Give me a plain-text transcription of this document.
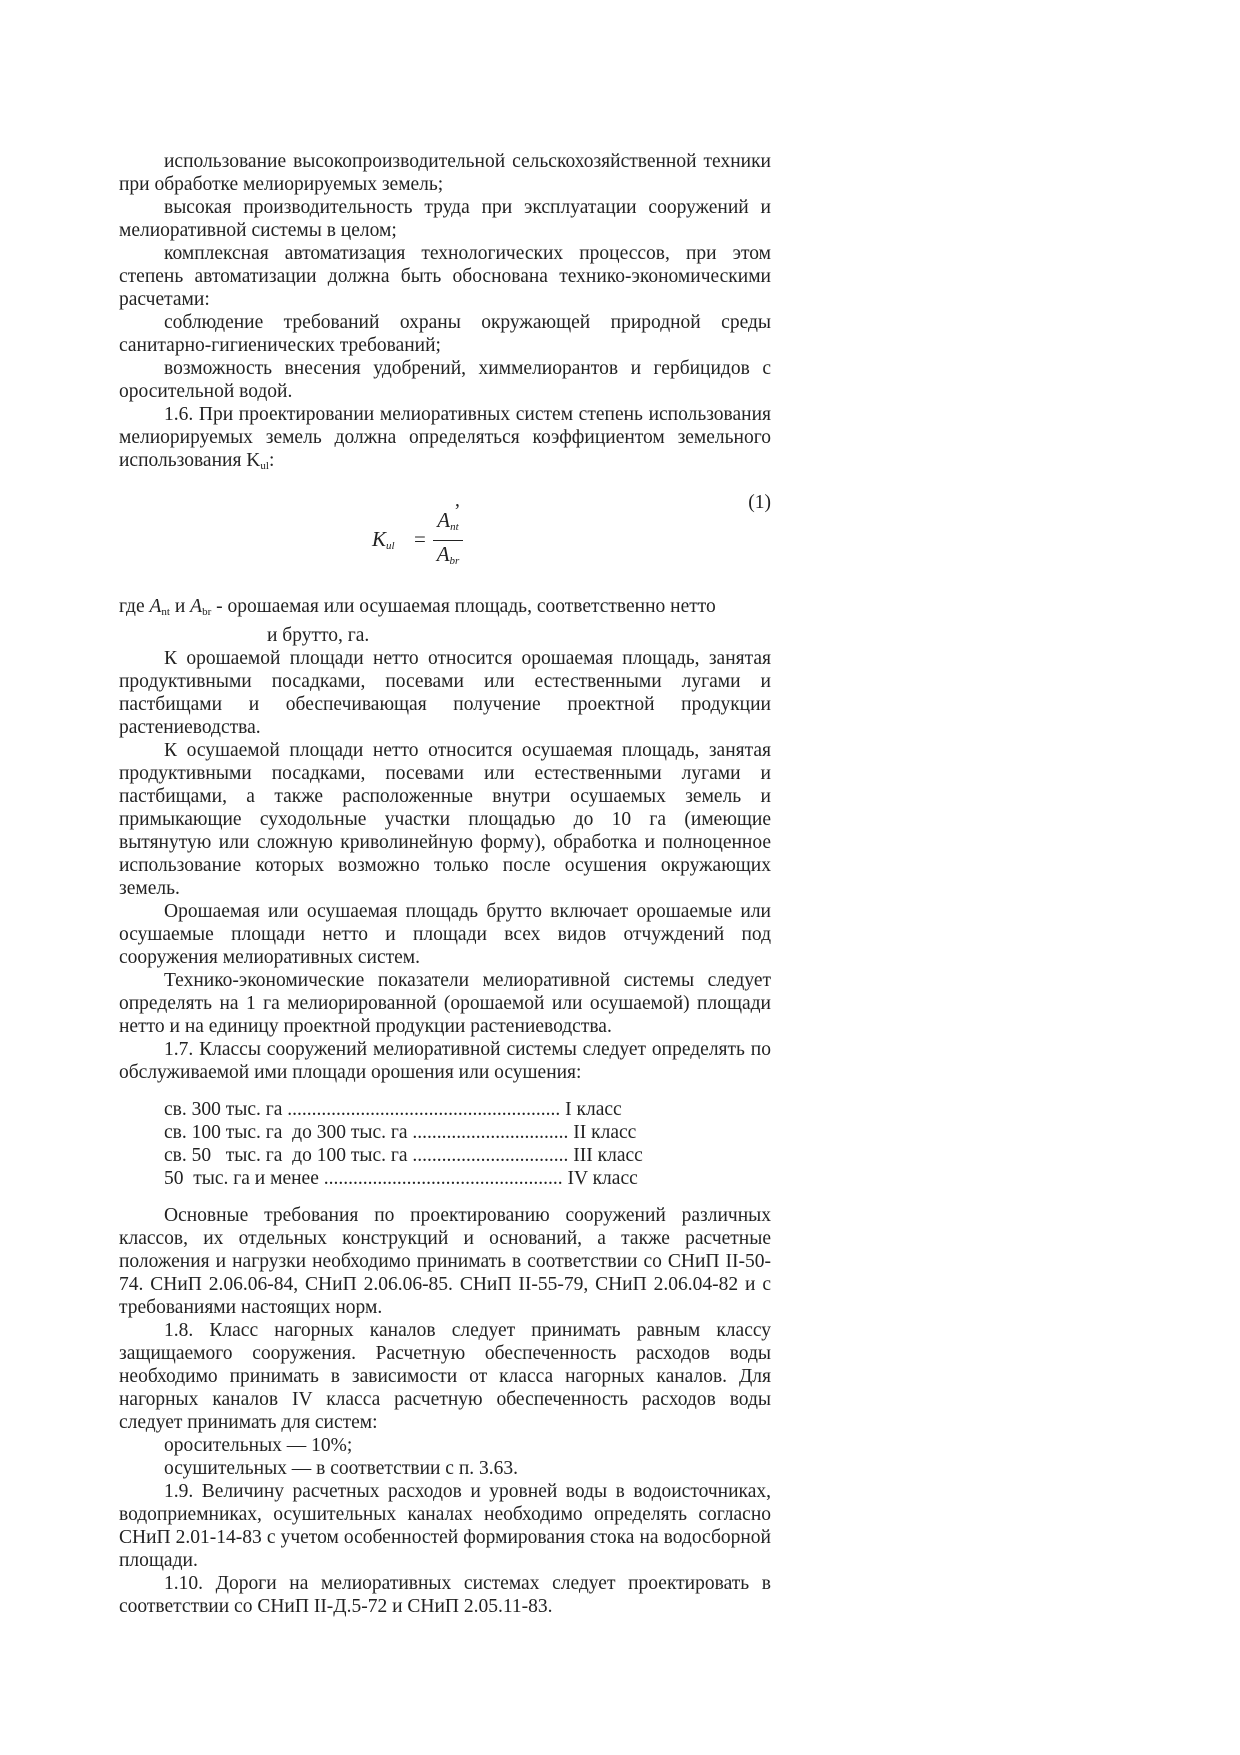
использование высокопроизводительной сельскохозяйственной техники при обработке мелиорируемых земель;

высокая производительность труда при эксплуатации сооружений и мелиоративной системы в целом;

комплексная автоматизация технологических процессов, при этом степень автоматизации должна быть обоснована технико-экономическими расчетами:

соблюдение требований охраны окружающей природной среды санитарно-гигиенических требований;

возможность внесения удобрений, химмелиорантов и гербицидов с оросительной водой.

1.6. При проектировании мелиоративных систем степень использования мелиорируемых земель должна определяться коэффициентом земельного использования $K_{ul}$:

,	(1)
$K_{ul}$ =
$A_{nt}$
$A_{br}$

где $A_{nt}$ и $A_{br}$ - орошаемая или осушаемая площадь, соответственно нетто

и брутто, га.

К орошаемой площади нетто относится орошаемая площадь, занятая продуктивными посадками, посевами или естественными лугами и пастбищами и обеспечивающая получение проектной продукции растениеводства.

К осушаемой площади нетто относится осушаемая площадь, занятая продуктивными посадками, посевами или естественными лугами и пастбищами, а также расположенные внутри осушаемых земель и примыкающие суходольные участки площадью до 10 га (имеющие вытянутую или сложную криволинейную форму), обработка и полноценное использование которых возможно только после осушения окружающих земель.

Орошаемая или осушаемая площадь брутто включает орошаемые или осушаемые площади нетто и площади всех видов отчуждений под сооружения мелиоративных систем.

Технико-экономические показатели мелиоративной системы следует определять на 1 га мелиорированной (орошаемой или осушаемой) площади нетто и на единицу проектной продукции растениеводства.

1.7. Классы сооружений мелиоративной системы следует определять по обслуживаемой ими площади орошения или осушения:

св. 300 тыс. га ........................................................ I класс
св. 100 тыс. га  до 300 тыс. га ................................ II класс
св. 50   тыс. га  до 100 тыс. га ................................ III класс
50  тыс. га и менее ................................................. IV класс

Основные требования по проектированию сооружений различных классов, их отдельных конструкций и оснований, а также расчетные положения и нагрузки необходимо принимать в соответствии со СНиП II-50-74. СНиП 2.06.06-84, СНиП 2.06.06-85. СНиП II-55-79, СНиП 2.06.04-82 и с требованиями настоящих норм.

1.8. Класс нагорных каналов следует принимать равным классу защищаемого сооружения. Расчетную обеспеченность расходов воды необходимо принимать в зависимости от класса нагорных каналов. Для нагорных каналов IV класса расчетную обеспеченность расходов воды следует принимать для систем:

оросительных — 10%;

осушительных — в соответствии с п. 3.63.

1.9. Величину расчетных расходов и уровней воды в водоисточниках, водоприемниках, осушительных каналах необходимо определять согласно СНиП 2.01-14-83 с учетом особенностей формирования стока на водосборной площади.

1.10. Дороги на мелиоративных системах следует проектировать в соответствии со СНиП II-Д.5-72 и СНиП 2.05.11-83.
